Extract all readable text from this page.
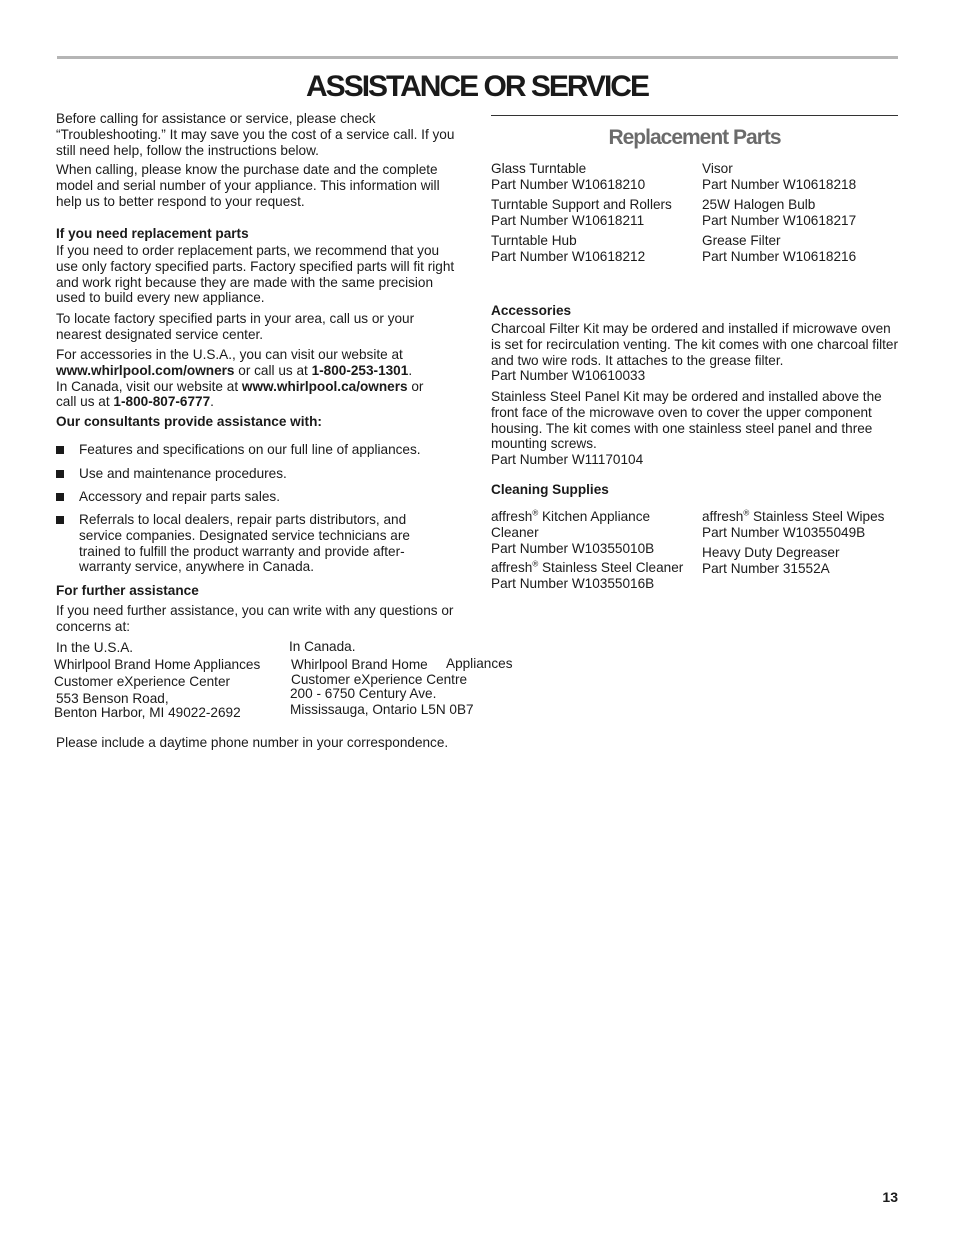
ASSISTANCE OR SERVICE

Before calling for assistance or service, please check “Troubleshooting.” It may save you the cost of a service call. If you still need help, follow the instructions below.

When calling, please know the purchase date and the complete model and serial number of your appliance. This information will help us to better respond to your request.

If you need replacement parts

If you need to order replacement parts, we recommend that you use only factory specified parts. Factory specified parts will fit right and work right because they are made with the same precision used to build every new appliance.

To locate factory specified parts in your area, call us or your nearest designated service center.

For accessories in the U.S.A., you can visit our website at
www.whirlpool.com/owners or call us at 1-800-253-1301.
In Canada, visit our website at www.whirlpool.ca/owners or
call us at 1-800-807-6777.

Our consultants provide assistance with:

Features and specifications on our full line of appliances.

Use and maintenance procedures.

Accessory and repair parts sales.

Referrals to local dealers, repair parts distributors, and service companies. Designated service technicians are trained to fulfill the product warranty and provide after-warranty service, anywhere in Canada.

For further assistance

If you need further assistance, you can write with any questions or concerns at:

In the U.S.A.
Whirlpool Brand Home Appliances
Customer eXperience Center
553 Benson Road,
Benton Harbor, MI 49022-2692
In Canada.
Whirlpool Brand Home	Appliances
Customer eXperience Centre
200 - 6750 Century Ave.
Mississauga, Ontario L5N 0B7

Please include a daytime phone number in your correspondence.

Replacement Parts
Glass Turntable
Part Number W10618210
Turntable Support and Rollers
Part Number W10618211
Turntable Hub
Part Number W10618212
Visor
Part Number W10618218
25W Halogen Bulb
Part Number W10618217
Grease Filter
Part Number W10618216

Accessories

Charcoal Filter Kit may be ordered and installed if microwave oven is set for recirculation venting. The kit comes with one charcoal filter and two wire rods. It attaches to the grease filter.
Part Number W10610033
Stainless Steel Panel Kit may be ordered and installed above the front face of the microwave oven to cover the upper component housing. The kit comes with one stainless steel panel and three mounting screws.
Part Number W11170104

Cleaning Supplies

affresh® Kitchen Appliance Cleaner
Part Number W10355010B
affresh® Stainless Steel Cleaner
Part Number W10355016B
affresh® Stainless Steel Wipes
Part Number W10355049B
Heavy Duty Degreaser
Part Number 31552A
13
